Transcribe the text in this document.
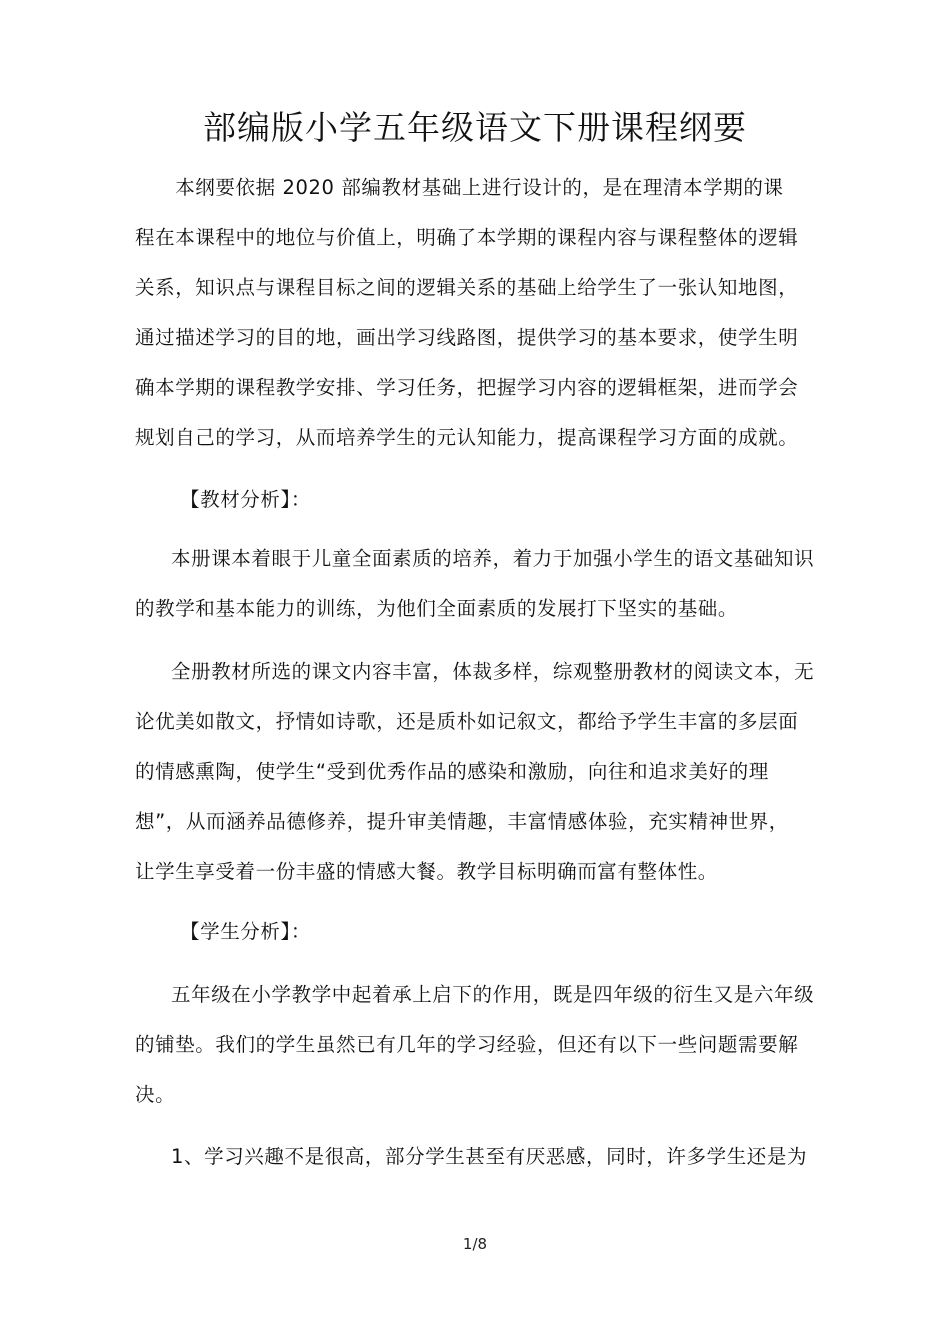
部编版小学五年级语文下册课程纲要
　　本纲要依据 2020 部编教材基础上进行设计的，是在理清本学期的课
程在本课程中的地位与价值上，明确了本学期的课程内容与课程整体的逻辑
关系，知识点与课程目标之间的逻辑关系的基础上给学生了一张认知地图，
通过描述学习的目的地，画出学习线路图，提供学习的基本要求，使学生明
确本学期的课程教学安排、学习任务，把握学习内容的逻辑框架，进而学会
规划自己的学习，从而培养学生的元认知能力，提高课程学习方面的成就。
【教材分析】：
本册课本着眼于儿童全面素质的培养，着力于加强小学生的语文基础知识
的教学和基本能力的训练，为他们全面素质的发展打下坚实的基础。
全册教材所选的课文内容丰富，体裁多样，综观整册教材的阅读文本，无
论优美如散文，抒情如诗歌，还是质朴如记叙文，都给予学生丰富的多层面
的情感熏陶，使学生“受到优秀作品的感染和激励，向往和追求美好的理
想”，从而涵养品德修养，提升审美情趣，丰富情感体验，充实精神世界，
让学生享受着一份丰盛的情感大餐。教学目标明确而富有整体性。
【学生分析】：
五年级在小学教学中起着承上启下的作用，既是四年级的衍生又是六年级
的铺垫。我们的学生虽然已有几年的学习经验，但还有以下一些问题需要解
决。
1、学习兴趣不是很高，部分学生甚至有厌恶感，同时，许多学生还是为
1/8
